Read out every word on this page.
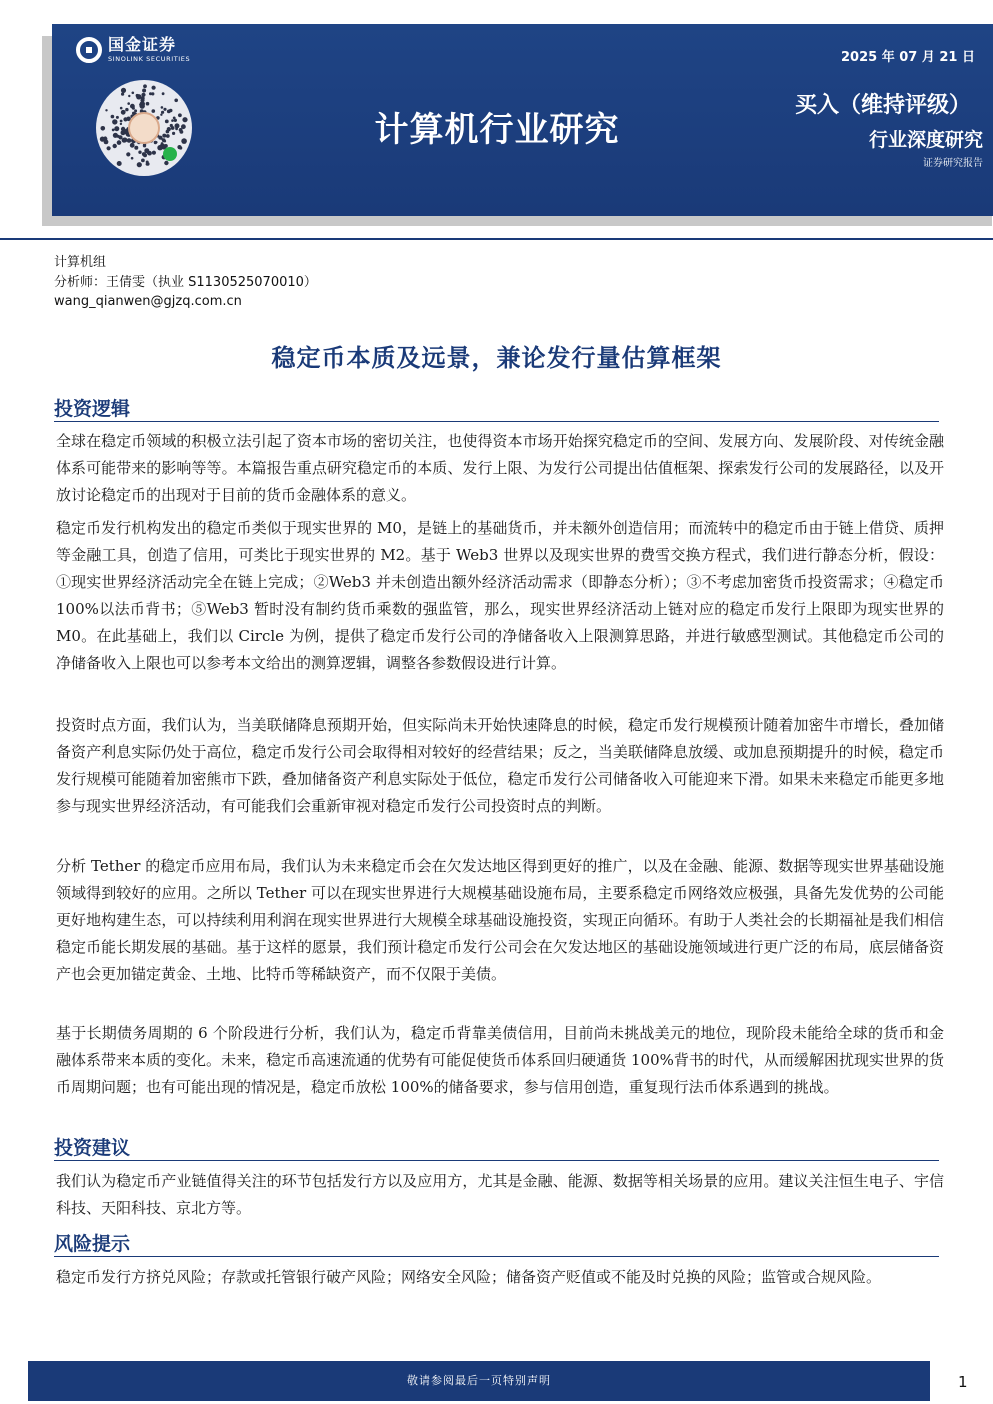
国金证券
SINOLINK SECURITIES
计算机行业研究
2025 年 07 月 21 日
买入（维持评级）
行业深度研究
证券研究报告
计算机组
分析师：王倩雯（执业 S1130525070010）
wang_qianwen@gjzq.com.cn
稳定币本质及远景，兼论发行量估算框架
投资逻辑

全球在稳定币领域的积极立法引起了资本市场的密切关注，也使得资本市场开始探究稳定币的空间、发展方向、发展阶段、对传统金融体系可能带来的影响等等。本篇报告重点研究稳定币的本质、发行上限、为发行公司提出估值框架、探索发行公司的发展路径，以及开放讨论稳定币的出现对于目前的货币金融体系的意义。

稳定币发行机构发出的稳定币类似于现实世界的 M0，是链上的基础货币，并未额外创造信用；而流转中的稳定币由于链上借贷、质押等金融工具，创造了信用，可类比于现实世界的 M2。基于 Web3 世界以及现实世界的费雪交换方程式，我们进行静态分析，假设：①现实世界经济活动完全在链上完成；②Web3 并未创造出额外经济活动需求（即静态分析）；③不考虑加密货币投资需求；④稳定币 100%以法币背书；⑤Web3 暂时没有制约货币乘数的强监管，那么，现实世界经济活动上链对应的稳定币发行上限即为现实世界的 M0。在此基础上，我们以 Circle 为例，提供了稳定币发行公司的净储备收入上限测算思路，并进行敏感型测试。其他稳定币公司的净储备收入上限也可以参考本文给出的测算逻辑，调整各参数假设进行计算。

投资时点方面，我们认为，当美联储降息预期开始，但实际尚未开始快速降息的时候，稳定币发行规模预计随着加密牛市增长，叠加储备资产利息实际仍处于高位，稳定币发行公司会取得相对较好的经营结果；反之，当美联储降息放缓、或加息预期提升的时候，稳定币发行规模可能随着加密熊市下跌，叠加储备资产利息实际处于低位，稳定币发行公司储备收入可能迎来下滑。如果未来稳定币能更多地参与现实世界经济活动，有可能我们会重新审视对稳定币发行公司投资时点的判断。

分析 Tether 的稳定币应用布局，我们认为未来稳定币会在欠发达地区得到更好的推广，以及在金融、能源、数据等现实世界基础设施领域得到较好的应用。之所以 Tether 可以在现实世界进行大规模基础设施布局，主要系稳定币网络效应极强，具备先发优势的公司能更好地构建生态，可以持续利用利润在现实世界进行大规模全球基础设施投资，实现正向循环。有助于人类社会的长期福祉是我们相信稳定币能长期发展的基础。基于这样的愿景，我们预计稳定币发行公司会在欠发达地区的基础设施领域进行更广泛的布局，底层储备资产也会更加锚定黄金、土地、比特币等稀缺资产，而不仅限于美债。

基于长期债务周期的 6 个阶段进行分析，我们认为，稳定币背靠美债信用，目前尚未挑战美元的地位，现阶段未能给全球的货币和金融体系带来本质的变化。未来，稳定币高速流通的优势有可能促使货币体系回归硬通货 100%背书的时代，从而缓解困扰现实世界的货币周期问题；也有可能出现的情况是，稳定币放松 100%的储备要求，参与信用创造，重复现行法币体系遇到的挑战。

投资建议

我们认为稳定币产业链值得关注的环节包括发行方以及应用方，尤其是金融、能源、数据等相关场景的应用。建议关注恒生电子、宇信科技、天阳科技、京北方等。

风险提示

稳定币发行方挤兑风险；存款或托管银行破产风险；网络安全风险；储备资产贬值或不能及时兑换的风险；监管或合规风险。

敬请参阅最后一页特别声明	1
